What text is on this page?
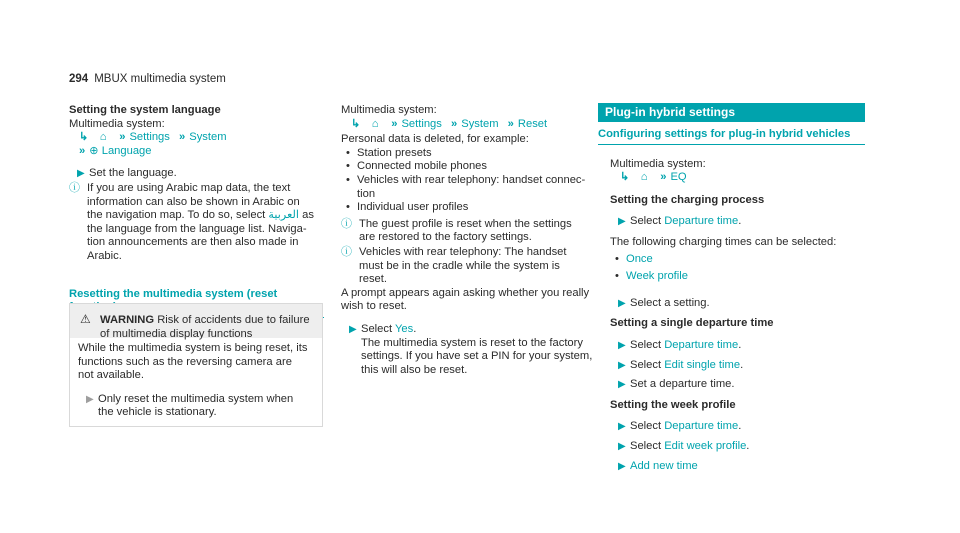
294 MBUX multimedia system
Setting the system language
Multimedia system:
↳ ⌂ » Settings » System
» ⊕ Language
▶ Set the language.
ⓘ If you are using Arabic map data, the text
information can also be shown in Arabic on
the navigation map. To do so, select العربية as
the language from the language list. Naviga-
tion announcements are then also made in
Arabic.
Resetting the multimedia system (reset
⚠ WARNING Risk of accidents due to failure
of multimedia display functions
While the multimedia system is being reset, its
functions such as the reversing camera are
not available.
▶ Only reset the multimedia system when
the vehicle is stationary.
Multimedia system:
↳ ⌂ » Settings » System » Reset
Personal data is deleted, for example:
• Station presets
• Connected mobile phones
• Vehicles with rear telephony: handset connec-
tion
• Individual user profiles
ⓘ The guest profile is reset when the settings
are restored to the factory settings.
ⓘ Vehicles with rear telephony: The handset
must be in the cradle while the system is
reset.
A prompt appears again asking whether you really
wish to reset.
▶ Select Yes.
The multimedia system is reset to the factory
settings. If you have set a PIN for your system,
this will also be reset.
Plug-in hybrid settings
Configuring settings for plug-in hybrid vehicles
Multimedia system:
↳ ⌂ » EQ
Setting the charging process
▶ Select Departure time.
The following charging times can be selected:
• Once
• Week profile
▶ Select a setting.
Setting a single departure time
▶ Select Departure time.
▶ Select Edit single time.
▶ Set a departure time.
Setting the week profile
▶ Select Departure time.
▶ Select Edit week profile.
▶ Add new time
